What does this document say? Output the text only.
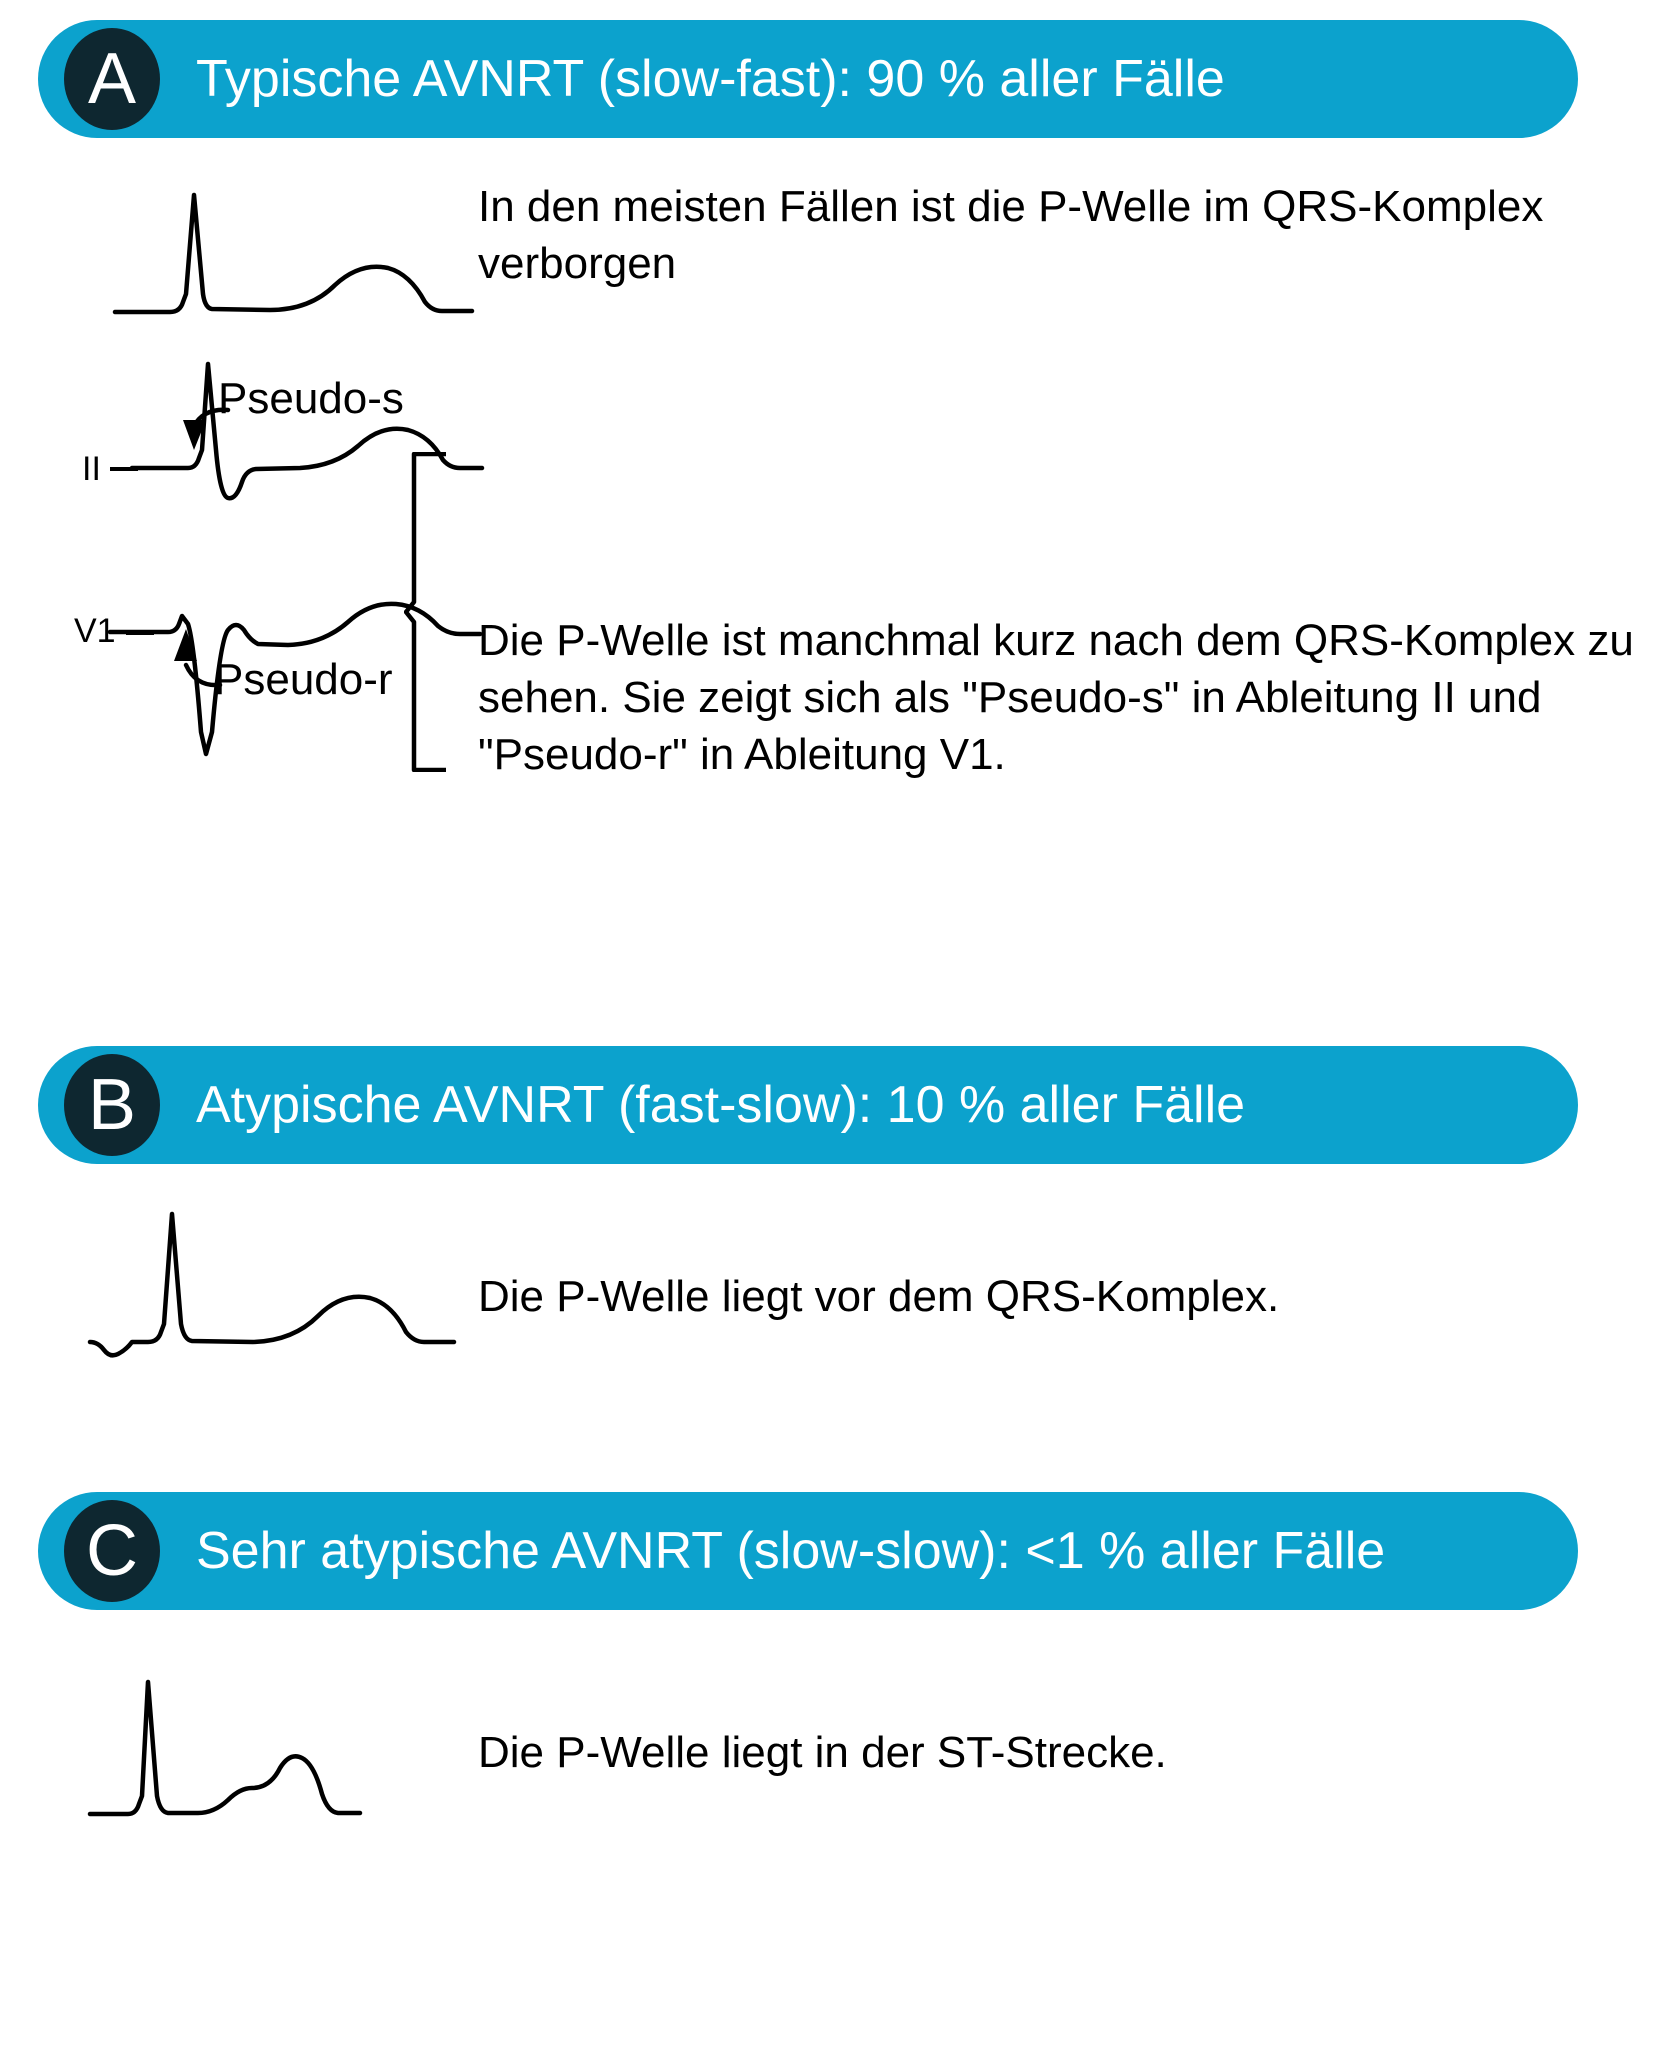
A	Typische AVNRT (slow-fast): 90 % aller Fälle
In den meisten Fällen ist die P-Welle im QRS-Komplex verborgen
II
Pseudo-s
V1
Pseudo-r
Die P-Welle ist manchmal kurz nach dem QRS-Komplex zu sehen. Sie zeigt sich als "Pseudo-s" in Ableitung II und "Pseudo-r" in Ableitung V1.
B	Atypische AVNRT (fast-slow): 10 % aller Fälle
Die P-Welle liegt vor dem QRS-Komplex.
C	Sehr atypische AVNRT (slow-slow): <1 % aller Fälle
Die P-Welle liegt in der ST-Strecke.
